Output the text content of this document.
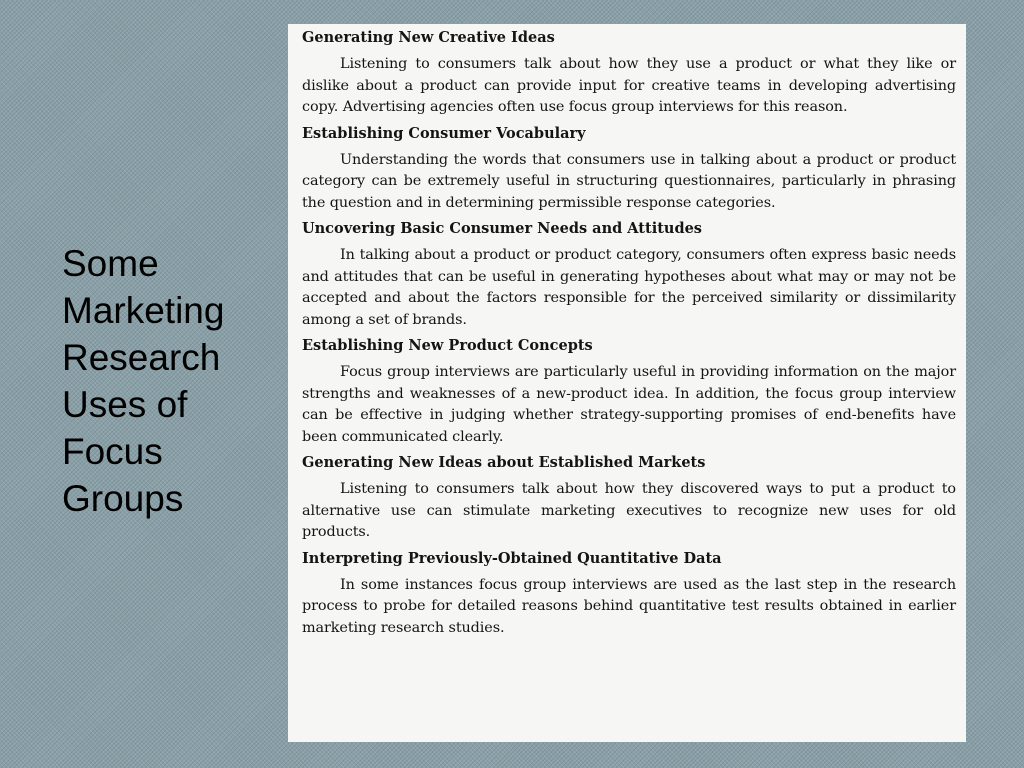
Some
Marketing
Research
Uses of
Focus
Groups
Generating New Creative Ideas

Listening to consumers talk about how they use a product or what they like or dislike about a product can provide input for creative teams in developing advertising copy. Advertising agencies often use focus group interviews for this reason.

Establishing Consumer Vocabulary

Understanding the words that consumers use in talking about a product or product category can be extremely useful in structuring questionnaires, particularly in phrasing the question and in determining permissible response categories.

Uncovering Basic Consumer Needs and Attitudes

In talking about a product or product category, consumers often express basic needs and attitudes that can be useful in generating hypotheses about what may or may not be accepted and about the factors responsible for the perceived similarity or dissimilarity among a set of brands.

Establishing New Product Concepts

Focus group interviews are particularly useful in providing information on the major strengths and weaknesses of a new-product idea. In addition, the focus group interview can be effective in judging whether strategy-supporting promises of end-benefits have been communicated clearly.

Generating New Ideas about Established Markets

Listening to consumers talk about how they discovered ways to put a product to alternative use can stimulate marketing executives to recognize new uses for old products.

Interpreting Previously-Obtained Quantitative Data

In some instances focus group interviews are used as the last step in the research process to probe for detailed reasons behind quantitative test results obtained in earlier marketing research studies.
